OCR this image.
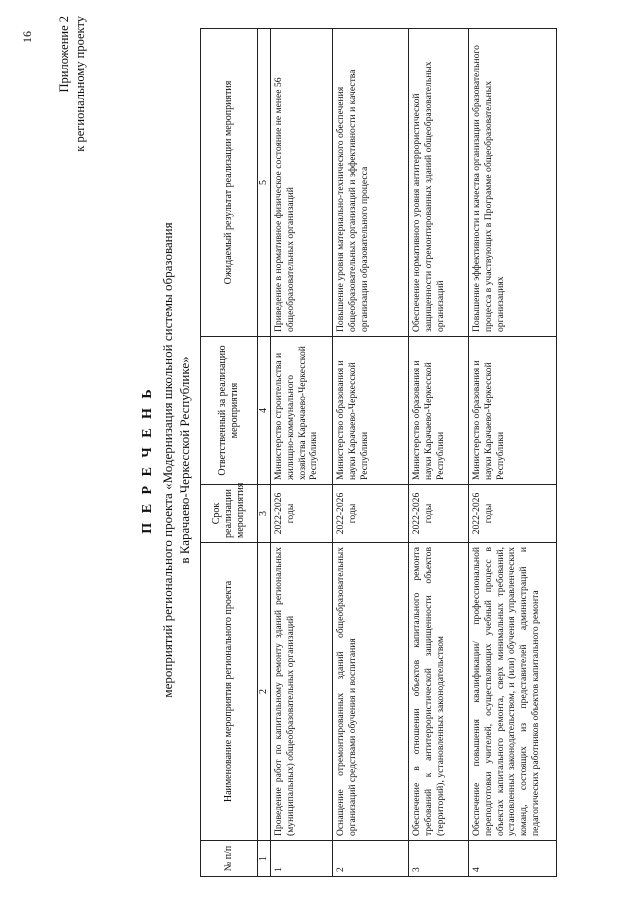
16 Приложение 2 к региональному проекту
П Е Р Е Ч Е Н Ь мероприятий регионального проекта «Модернизация школьной системы образования в Карачаево-Черкесской Республике»
№ п/п	Наименование мероприятия регионального проекта	Срок реализации мероприятия	Ответственный за реализацию мероприятия	Ожидаемый результат реализации мероприятия
1	2	3	4	5
1	Проведение работ по капитальному ремонту зданий региональных (муниципальных) общеобразовательных организаций	2022-2026 годы	Министерство строительства и жилищно-коммунального хозяйства Карачаево-Черкесской Республики	Приведение в нормативное физическое состояние не менее 56 общеобразовательных организаций
2	Оснащение отремонтированных зданий общеобразовательных организаций средствами обучения и воспитания	2022-2026 годы	Министерство образования и науки Карачаево-Черкесской Республики	Повышение уровня материально-технического обеспечения общеобразовательных организаций и эффективности и качества организации образовательного процесса
3	Обеспечение в отношении объектов капитального ремонта требований к антитеррористической защищенности объектов (территорий), установленных законодательством	2022-2026 годы	Министерство образования и науки Карачаево-Черкесской Республики	Обеспечение нормативного уровня антитеррористической защищенности отремонтированных зданий общеобразовательных организаций
4	Обеспечение повышения квалификации/ профессиональной переподготовки учителей, осуществляющих учебный процесс в объектах капитального ремонта, сверх минимальных требований, установленных законодательством, и (или) обучения управленческих команд, состоящих из представителей администраций и педагогических работников объектов капитального ремонта	2022-2026 годы	Министерство образования и науки Карачаево-Черкесской Республики	Повышение эффективности и качества организации образовательного процесса в участвующих в Программе общеобразовательных организациях
